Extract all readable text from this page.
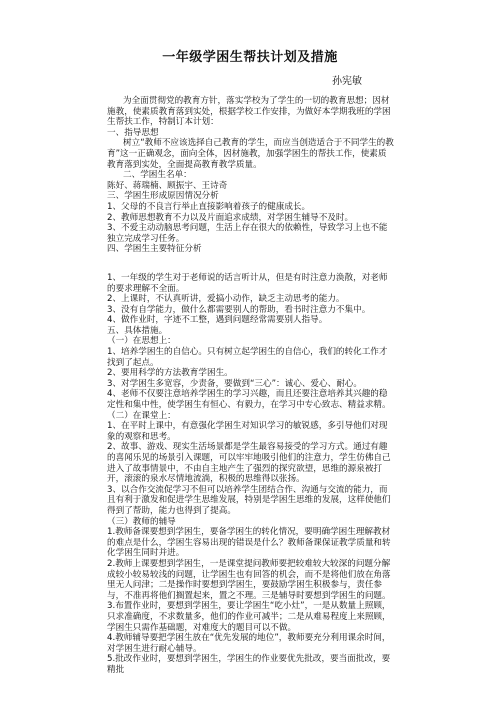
一年级学困生帮扶计划及措施
孙宪敏

为全面贯彻党的教育方针，落实学校为了学生的一切的教育思想；因材施教，使素质教育落到实处，根据学校工作安排，为做好本学期我班的学困生帮扶工作，特制订本计划：

一、指导思想

树立“教师不应该选择自己教育的学生，而应当创造适合于不同学生的教育”这一正确观念，面向全体，因材施教，加强学困生的帮扶工作，使素质教育落到实处，全面提高教育教学质量。

二、学困生名单：

陈好、蒋瑞楠、顾振宇、王诗奇

三、学困生形成原因情况分析

1、父母的不良言行举止直接影响着孩子的健康成长。

2、教师思想教育不力以及片面追求成绩，对学困生辅导不及时。

3、不爱主动动脑思考问题，生活上存在很大的依赖性，导致学习上也不能独立完成学习任务。

四、学困生主要特征分析

1、一年级的学生对于老师说的话言听计从，但是有时注意力涣散，对老师的要求理解不全面。

2、上课时，不认真听讲，爱搞小动作，缺乏主动思考的能力。

3、没有自学能力，做什么都需要别人的帮助，看书时注意力不集中。

4、做作业时，字迹不工整，遇到问题经常需要别人指导。

五、具体措施。

（一）在思想上：

1、培养学困生的自信心。只有树立起学困生的自信心，我们的转化工作才找到了起点。

2、要用科学的方法教育学困生。

3、对学困生多宽容，少责备，要做到“三心”：诚心、爱心、耐心。

4、老师不仅要注意培养学困生的学习兴趣，而且还要注意培养其兴趣的稳定性和集中性，使学困生有恒心、有毅力，在学习中专心致志、精益求精。

（二）在课堂上：

1、在平时上课中，有意强化学困生对知识学习的敏锐感，多引导他们对现象的观察和思考。

2、故事、游戏、现实生活场景都是学生最容易接受的学习方式。通过有趣的喜闻乐见的场景引入课题，可以牢牢地吸引他们的注意力，学生仿佛自己进入了故事情景中，不由自主地产生了强烈的探究欲望，思维的源泉被打开，滚滚的泉水尽情地流淌，积极的思维得以张扬。

3、以合作交流促学习不但可以培养学生团结合作、沟通与交流的能力，而且有利于激发和促进学生思维发展，特别是学困生思维的发展，这样使他们得到了帮助，能力也得到了提高。

（三）教师的辅导

1.教师备课要想到学困生，要备学困生的转化情况，要明确学困生理解教材的难点是什么，学困生容易出现的错误是什么？教师备课保证教学质量和转化学困生同时并进。

2.教师上课要想到学困生，一是课堂提问教师要把较难较大较深的问题分解成较小较易较浅的问题，让学困生也有回答的机会，而不是将他们放在角落里无人问津；二是操作时要想到学困生，要鼓励学困生积极参与，责任参与，不准再将他们搁置起来，置之不理。三是辅导时要想到学困生的问题。

3.布置作业时，要想到学困生，要让学困生“吃小灶”，一是从数量上照顾，只求准确度，不求数量多，他们的作业可减半；二是从难易程度上来照顾，学困生只需作基础题，对难度大的题目可以不做。

4.教师辅导要把学困生放在“优先发展的地位”，教师要充分利用课余时间，对学困生进行耐心辅导。

5.批改作业时，要想到学困生，学困生的作业要优先批改，要当面批改，要精批
